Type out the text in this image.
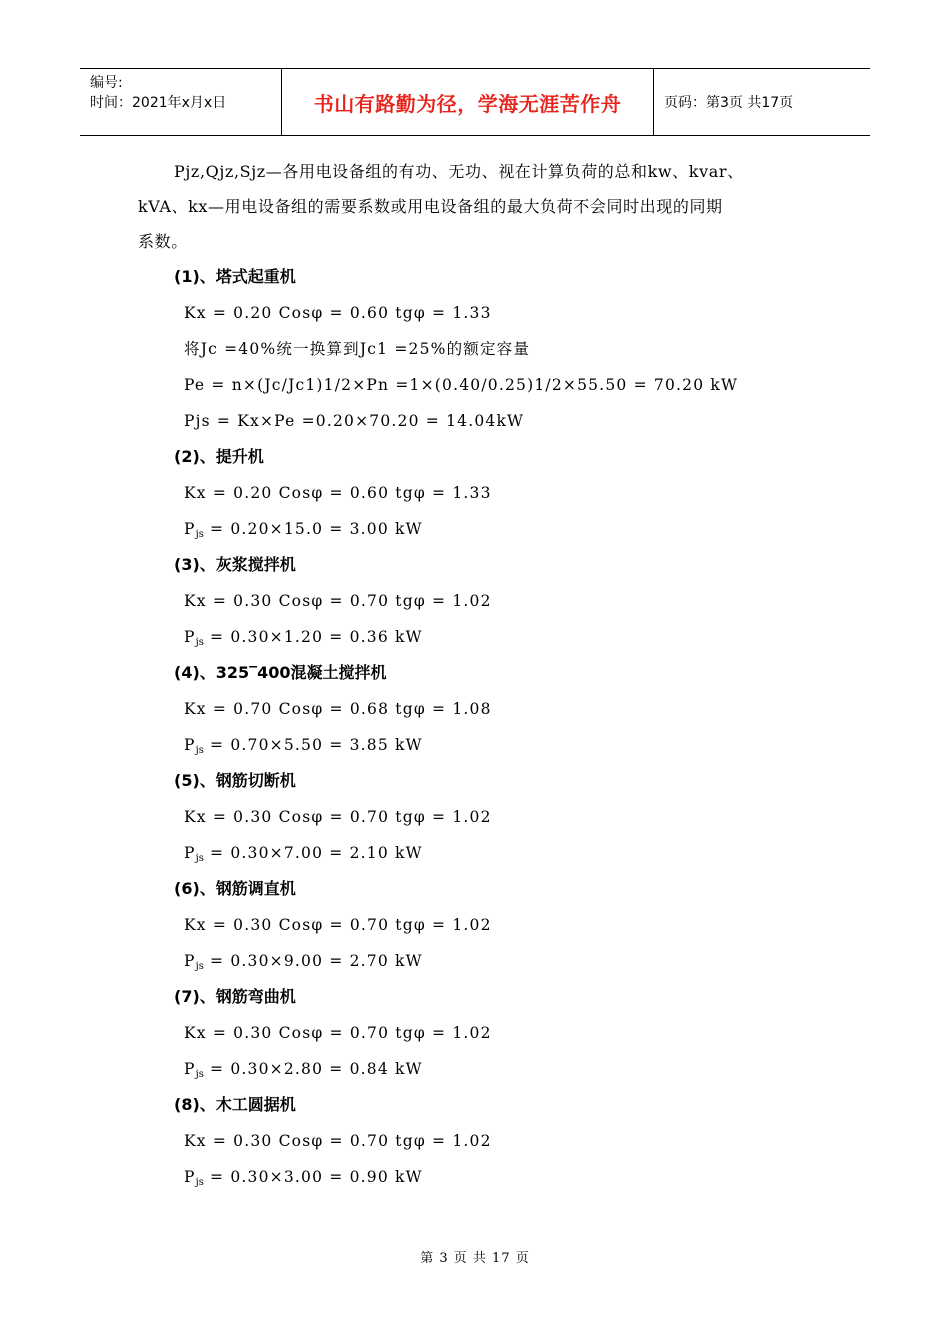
编号:
时间：2021年x月x日	书山有路勤为径，学海无涯苦作舟	页码：第3页 共17页

Pjz,Qjz,Sjz—各用电设备组的有功、无功、视在计算负荷的总和kw、kvar、

kVA、kx—用电设备组的需要系数或用电设备组的最大负荷不会同时出现的同期

系数。

(1)、塔式起重机
Kx = 0.20 Cosφ = 0.60 tgφ = 1.33
将Jc =40%统一换算到Jc1 =25%的额定容量
Pe = n×(Jc/Jc1)1/2×Pn =1×(0.40/0.25)1/2×55.50 = 70.20 kW
Pjs = Kx×Pe =0.20×70.20 = 14.04kW
(2)、提升机
Kx = 0.20 Cosφ = 0.60 tgφ = 1.33
$P_{js} = 0.20\times 15.0 = 3.00$ kW
(3)、灰浆搅拌机
Kx = 0.30 Cosφ = 0.70 tgφ = 1.02
$P_{js} = 0.30\times 1.20 = 0.36$ kW
(4)、325‾400混凝土搅拌机
Kx = 0.70 Cosφ = 0.68 tgφ = 1.08
$P_{js} = 0.70\times 5.50 = 3.85$ kW
(5)、钢筋切断机
Kx = 0.30 Cosφ = 0.70 tgφ = 1.02
$P_{js} = 0.30\times 7.00 = 2.10$ kW
(6)、钢筋调直机
Kx = 0.30 Cosφ = 0.70 tgφ = 1.02
$P_{js} = 0.30\times 9.00 = 2.70$ kW
(7)、钢筋弯曲机
Kx = 0.30 Cosφ = 0.70 tgφ = 1.02
$P_{js} = 0.30\times 2.80 = 0.84$ kW
(8)、木工圆据机
Kx = 0.30 Cosφ = 0.70 tgφ = 1.02
$P_{js} = 0.30\times 3.00 = 0.90$ kW
第 3 页 共 17 页
